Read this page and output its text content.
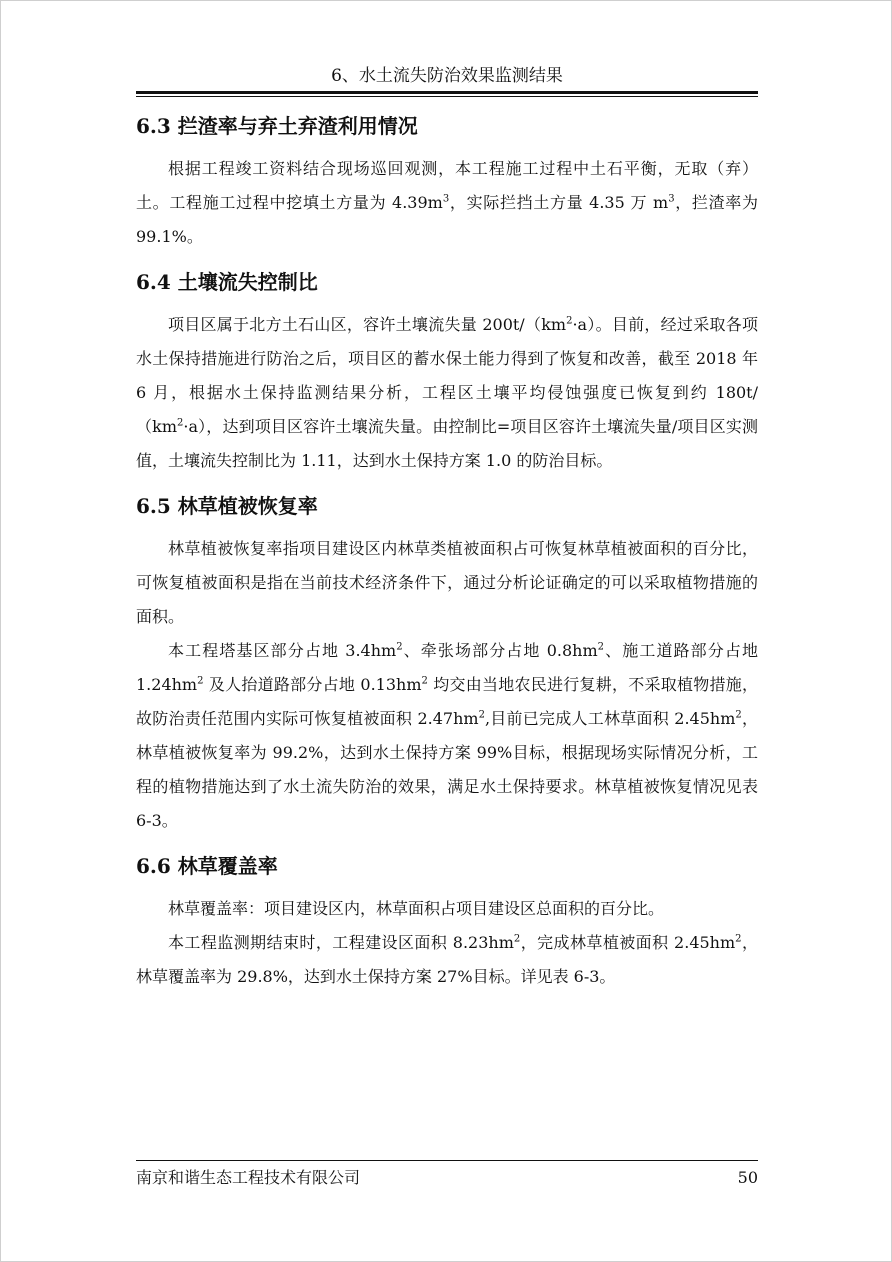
6、水土流失防治效果监测结果
6.3 拦渣率与弃土弃渣利用情况

根据工程竣工资料结合现场巡回观测，本工程施工过程中土石平衡，无取（弃）土。工程施工过程中挖填土方量为 $4.39m^3$，实际拦挡土方量 4.35 万 $m^3$，拦渣率为 99.1%。

6.4 土壤流失控制比

项目区属于北方土石山区，容许土壤流失量 $200t/(km^2\cdot a)$。目前，经过采取各项水土保持措施进行防治之后，项目区的蓄水保土能力得到了恢复和改善，截至 2018 年 6 月，根据水土保持监测结果分析，工程区土壤平均侵蚀强度已恢复到约 $180t/(km^2\cdot a)$，达到项目区容许土壤流失量。由控制比=项目区容许土壤流失量/项目区实测值，土壤流失控制比为 1.11，达到水土保持方案 1.0 的防治目标。

6.5 林草植被恢复率

林草植被恢复率指项目建设区内林草类植被面积占可恢复林草植被面积的百分比，可恢复植被面积是指在当前技术经济条件下，通过分析论证确定的可以采取植物措施的面积。

本工程塔基区部分占地 $3.4hm^2$、牵张场部分占地 $0.8hm^2$、施工道路部分占地 $1.24hm^2$ 及人抬道路部分占地 $0.13hm^2$ 均交由当地农民进行复耕，不采取植物措施，故防治责任范围内实际可恢复植被面积 $2.47hm^2$,目前已完成人工林草面积 $2.45hm^2$，林草植被恢复率为 99.2%，达到水土保持方案 99%目标，根据现场实际情况分析，工程的植物措施达到了水土流失防治的效果，满足水土保持要求。林草植被恢复情况见表 6-3。

6.6 林草覆盖率

林草覆盖率：项目建设区内，林草面积占项目建设区总面积的百分比。

本工程监测期结束时，工程建设区面积 $8.23hm^2$，完成林草植被面积 $2.45hm^2$，林草覆盖率为 29.8%，达到水土保持方案 27%目标。详见表 6-3。

南京和谐生态工程技术有限公司	50
